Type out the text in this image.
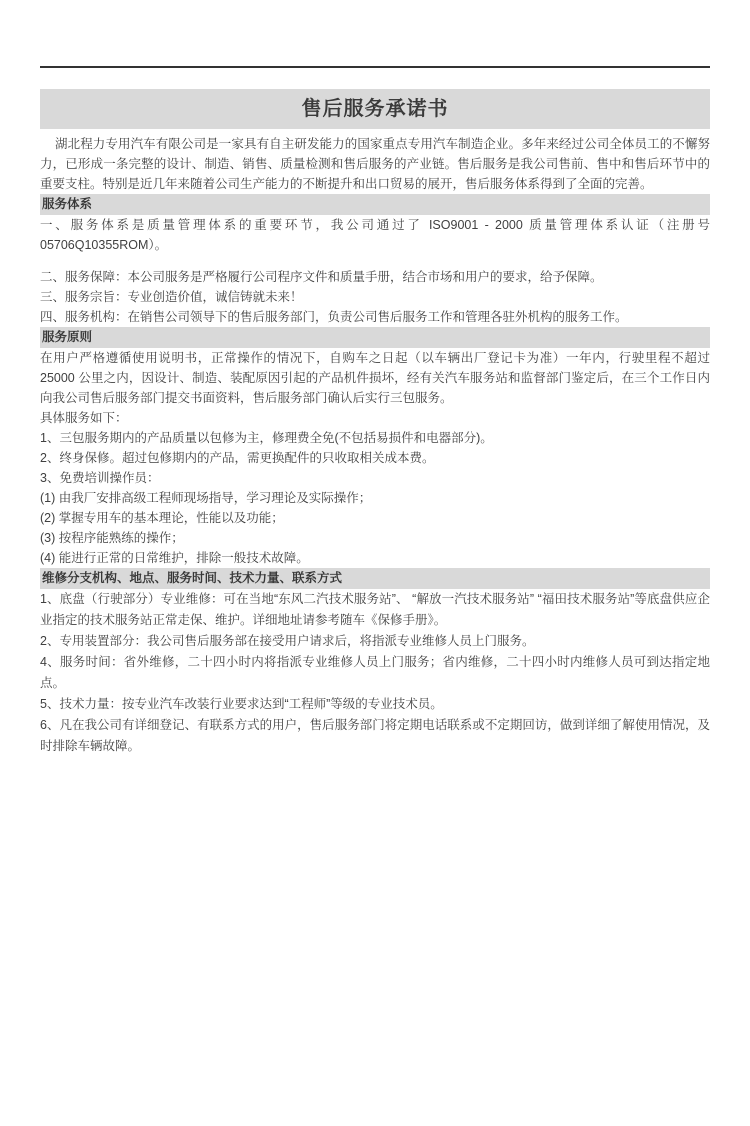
售后服务承诺书
湖北程力专用汽车有限公司是一家具有自主研发能力的国家重点专用汽车制造企业。多年来经过公司全体员工的不懈努力，已形成一条完整的设计、制造、销售、质量检测和售后服务的产业链。售后服务是我公司售前、售中和售后环节中的重要支柱。特别是近几年来随着公司生产能力的不断提升和出口贸易的展开，售后服务体系得到了全面的完善。
服务体系
一、服务体系是质量管理体系的重要环节，我公司通过了 ISO9001 - 2000 质量管理体系认证（注册号 05706Q10355ROM）。
二、服务保障：本公司服务是严格履行公司程序文件和质量手册，结合市场和用户的要求，给予保障。
三、服务宗旨：专业创造价值，诚信铸就未来！
四、服务机构：在销售公司领导下的售后服务部门，负责公司售后服务工作和管理各驻外机构的服务工作。
服务原则
在用户严格遵循使用说明书，正常操作的情况下，自购车之日起（以车辆出厂登记卡为准）一年内，行驶里程不超过 25000 公里之内，因设计、制造、装配原因引起的产品机件损坏，经有关汽车服务站和监督部门鉴定后，在三个工作日内向我公司售后服务部门提交书面资料，售后服务部门确认后实行三包服务。
具体服务如下：
1、三包服务期内的产品质量以包修为主，修理费全免(不包括易损件和电器部分)。
2、终身保修。超过包修期内的产品，需更换配件的只收取相关成本费。
3、免费培训操作员：
(1) 由我厂安排高级工程师现场指导，学习理论及实际操作；
(2) 掌握专用车的基本理论，性能以及功能；
(3) 按程序能熟练的操作；
(4) 能进行正常的日常维护，排除一般技术故障。
维修分支机构、地点、服务时间、技术力量、联系方式
1、底盘（行驶部分）专业维修：可在当地“东风二汽技术服务站”、 “解放一汽技术服务站” “福田技术服务站”等底盘供应企业指定的技术服务站正常走保、维护。详细地址请参考随车《保修手册》。
2、专用装置部分：我公司售后服务部在接受用户请求后，将指派专业维修人员上门服务。
4、服务时间：省外维修，二十四小时内将指派专业维修人员上门服务；省内维修，二十四小时内维修人员可到达指定地点。
5、技术力量：按专业汽车改装行业要求达到“工程师”等级的专业技术员。
6、凡在我公司有详细登记、有联系方式的用户，售后服务部门将定期电话联系或不定期回访，做到详细了解使用情况，及时排除车辆故障。
